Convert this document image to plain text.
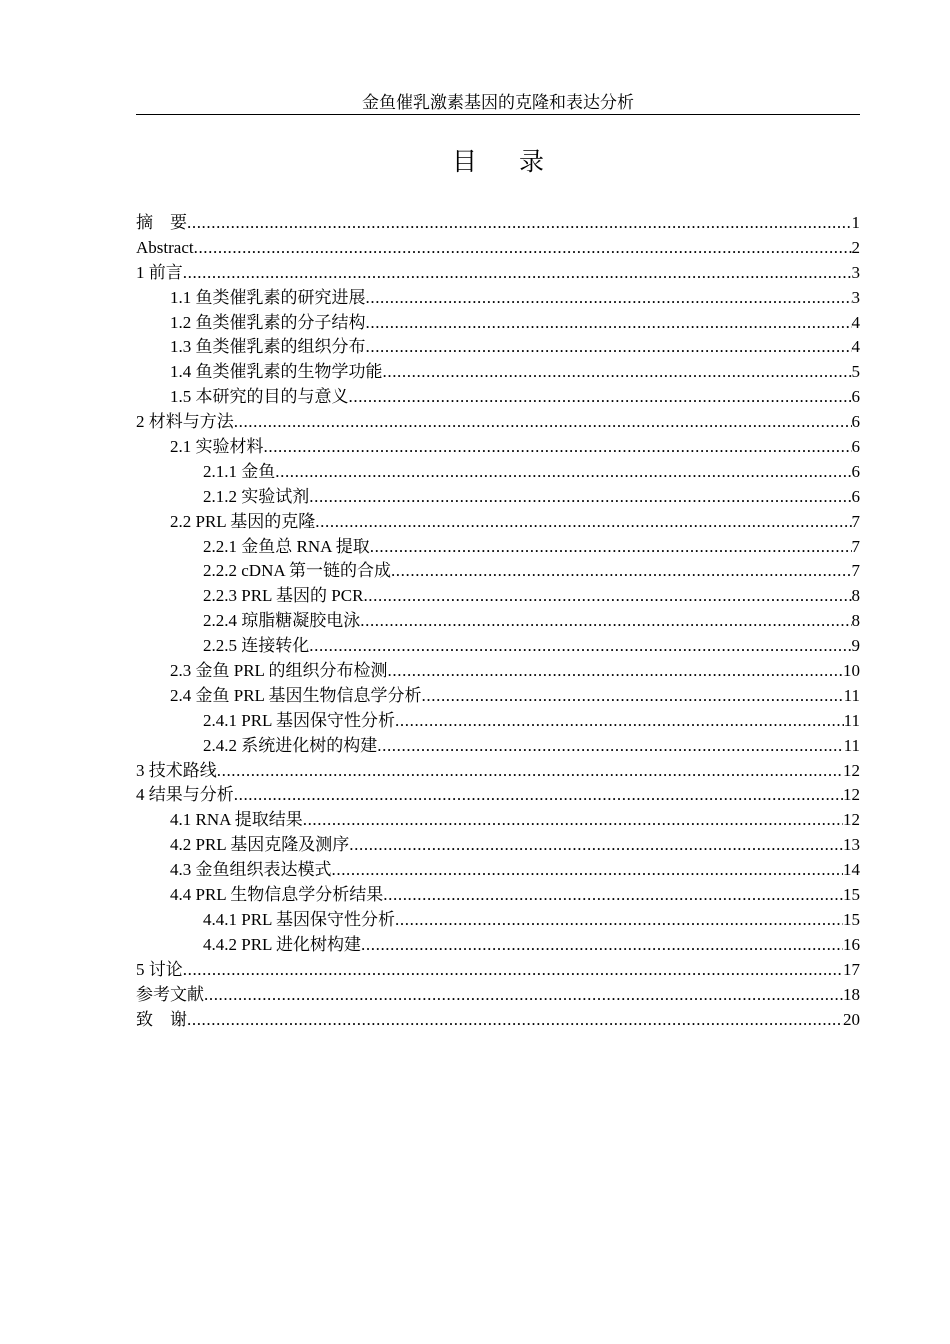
金鱼催乳激素基因的克隆和表达分析
目录
摘　要 .....	1
Abstract .....	2
1 前言 .....	3
1.1 鱼类催乳素的研究进展 .....	3
1.2 鱼类催乳素的分子结构 .....	4
1.3 鱼类催乳素的组织分布 .....	4
1.4 鱼类催乳素的生物学功能 .....	5
1.5 本研究的目的与意义 .....	6
2 材料与方法 .....	6
2.1 实验材料 .....	6
2.1.1 金鱼 .....	6
2.1.2 实验试剂 .....	6
2.2 PRL 基因的克隆 .....	7
2.2.1 金鱼总 RNA 提取 .....	7
2.2.2 cDNA 第一链的合成 .....	7
2.2.3 PRL 基因的 PCR .....	8
2.2.4 琼脂糖凝胶电泳 .....	8
2.2.5 连接转化 .....	9
2.3 金鱼 PRL 的组织分布检测 .....	10
2.4 金鱼 PRL 基因生物信息学分析 .....	11
2.4.1 PRL 基因保守性分析 .....	11
2.4.2 系统进化树的构建 .....	11
3 技术路线 .....	12
4 结果与分析 .....	12
4.1 RNA 提取结果 .....	12
4.2 PRL 基因克隆及测序 .....	13
4.3 金鱼组织表达模式 .....	14
4.4 PRL 生物信息学分析结果 .....	15
4.4.1 PRL 基因保守性分析 .....	15
4.4.2 PRL 进化树构建 .....	16
5 讨论 .....	17
参考文献 .....	18
致　谢 .....	20
